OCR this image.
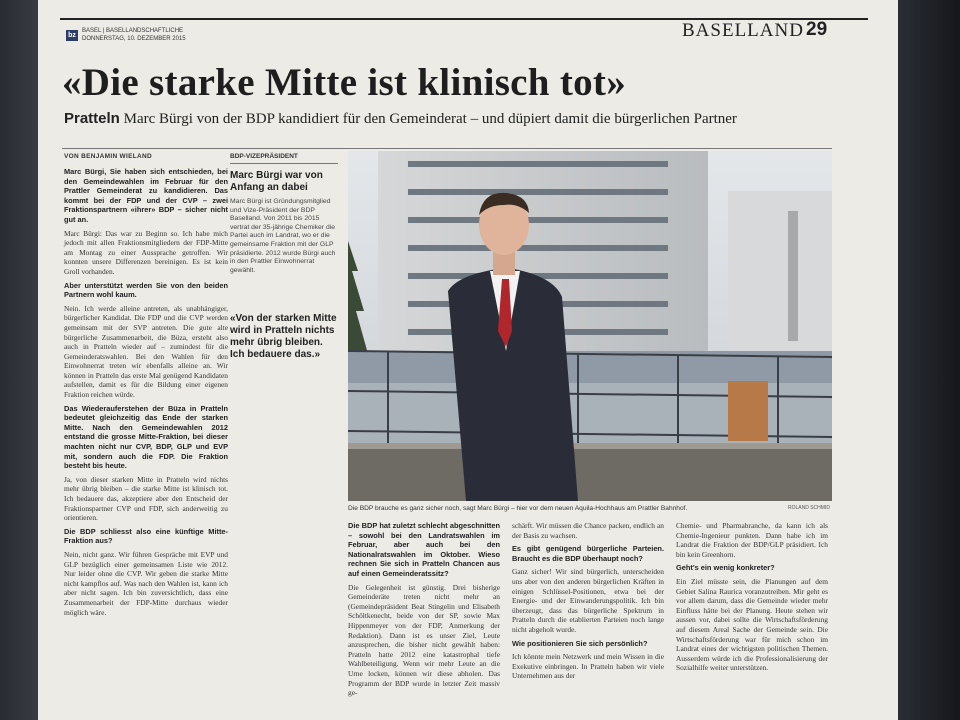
bz
BASEL | BASELLANDSCHAFTLICHE
DONNERSTAG, 10. DEZEMBER 2015	BASELLAND 29
«Die starke Mitte ist klinisch tot»
Pratteln Marc Bürgi von der BDP kandidiert für den Gemeinderat – und düpiert damit die bürgerlichen Partner
VON BENJAMIN WIELAND

Marc Bürgi, Sie haben sich entschieden, bei den Gemeindewahlen im Februar für den Prattler Gemeinderat zu kandidieren. Das kommt bei der FDP und der CVP – zwei Fraktionspartnern «ihrer» BDP – sicher nicht gut an.

Marc Bürgi: Das war zu Beginn so. Ich habe mich jedoch mit allen Fraktionsmitgliedern der FDP-Mitte am Montag zu einer Aussprache getroffen. Wir konnten unsere Differenzen bereinigen. Es ist kein Groll vorhanden.

Aber unterstützt werden Sie von den beiden Partnern wohl kaum.

Nein. Ich werde alleine antreten, als unabhängiger, bürgerlicher Kandidat. Die FDP und die CVP werden gemeinsam mit der SVP antreten. Die gute alte bürgerliche Zusammenarbeit, die Büza, ersteht also auch in Pratteln wieder auf – zumindest für die Gemeinderatswahlen. Bei den Wahlen für den Einwohnerrat treten wir ebenfalls alleine an. Wir können in Pratteln das erste Mal genügend Kandidaten aufstellen, damit es für die Bildung einer eigenen Fraktion reichen würde.

Das Wiederauferstehen der Büza in Pratteln bedeutet gleichzeitig das Ende der starken Mitte. Nach den Gemeindewahlen 2012 entstand die grosse Mitte-Fraktion, bei dieser machten nicht nur CVP, BDP, GLP und EVP mit, sondern auch die FDP. Die Fraktion besteht bis heute.

Ja, von dieser starken Mitte in Pratteln wird nichts mehr übrig bleiben – die starke Mitte ist klinisch tot. Ich bedauere das, akzeptiere aber den Entscheid der Fraktionspartner CVP und FDP, sich anderweitig zu orientieren.

Die BDP schliesst also eine künftige Mitte-Fraktion aus?

Nein, nicht ganz. Wir führen Gespräche mit EVP und GLP bezüglich einer gemeinsamen Liste wie 2012. Nur leider ohne die CVP. Wir geben die starke Mitte nicht kampflos auf. Was nach den Wahlen ist, kann ich aber nicht sagen. Ich bin zuversichtlich, dass eine Zusammenarbeit der FDP-Mitte durchaus wieder möglich wäre.

BDP-VIZEPRÄSIDENT
Marc Bürgi war von Anfang an dabei
Marc Bürgi ist Gründungsmitglied und Vize-Präsident der BDP Baselland. Von 2011 bis 2015 vertrat der 35-jährige Chemiker die Partei auch im Landrat, wo er die gemeinsame Fraktion mit der GLP präsidierte. 2012 wurde Bürgi auch in den Prattler Einwohnerrat gewählt.
«Von der starken Mitte wird in Pratteln nichts mehr übrig bleiben. Ich bedauere das.»
Die BDP brauche es ganz sicher noch, sagt Marc Bürgi – hier vor dem neuen Aquila-Hochhaus am Prattler Bahnhof.	ROLAND SCHMID

Die BDP hat zuletzt schlecht abgeschnitten – sowohl bei den Landratswahlen im Februar, aber auch bei den Nationalratswahlen im Oktober. Wieso rechnen Sie sich in Pratteln Chancen aus auf einen Gemeinderatssitz?

Die Gelegenheit ist günstig. Drei bisherige Gemeinderäte treten nicht mehr an (Gemeindepräsident Beat Stingelin und Elisabeth Schöltkenecht, beide von der SP, sowie Max Hippenmeyer von der FDP, Anmerkung der Redaktion). Dann ist es unser Ziel, Leute anzusprechen, die bisher nicht gewählt haben: Pratteln hatte 2012 eine katastrophal tiefe Wahlbeteiligung. Wenn wir mehr Leute an die Urne locken, können wir diese abholen. Das Programm der BDP wurde in letzter Zeit massiv ge-

schärft. Wir müssen die Chance packen, endlich an der Basis zu wachsen.

Es gibt genügend bürgerliche Parteien. Braucht es die BDP überhaupt noch?

Ganz sicher! Wir sind bürgerlich, unterscheiden uns aber von den anderen bürgerlichen Kräften in einigen Schlüssel-Positionen, etwa bei der Energie- und der Einwanderungspolitik. Ich bin überzeugt, dass das bürgerliche Spektrum in Pratteln durch die etablierten Parteien noch lange nicht abgeholt wurde.

Wie positionieren Sie sich persönlich?

Ich könnte mein Netzwerk und mein Wissen in die Exekutive einbringen. In Pratteln haben wir viele Unternehmen aus der

Chemie- und Pharmabranche, da kann ich als Chemie-Ingenieur punkten. Dann habe ich im Landrat die Fraktion der BDP/GLP präsidiert. Ich bin kein Greenhorn.

Geht's ein wenig konkreter?

Ein Ziel müsste sein, die Planungen auf dem Gebiet Salina Raurica voranzutreiben. Mir geht es vor allem darum, dass die Gemeinde wieder mehr Einfluss hätte bei der Planung. Heute stehen wir aussen vor, dabei sollte die Wirtschaftsförderung auf diesem Areal Sache der Gemeinde sein. Die Wirtschaftsförderung war für mich schon im Landrat eines der wichtigsten politischen Themen. Ausserdem würde ich die Professionalisierung der Sozialhilfe weiter unterstützen.
